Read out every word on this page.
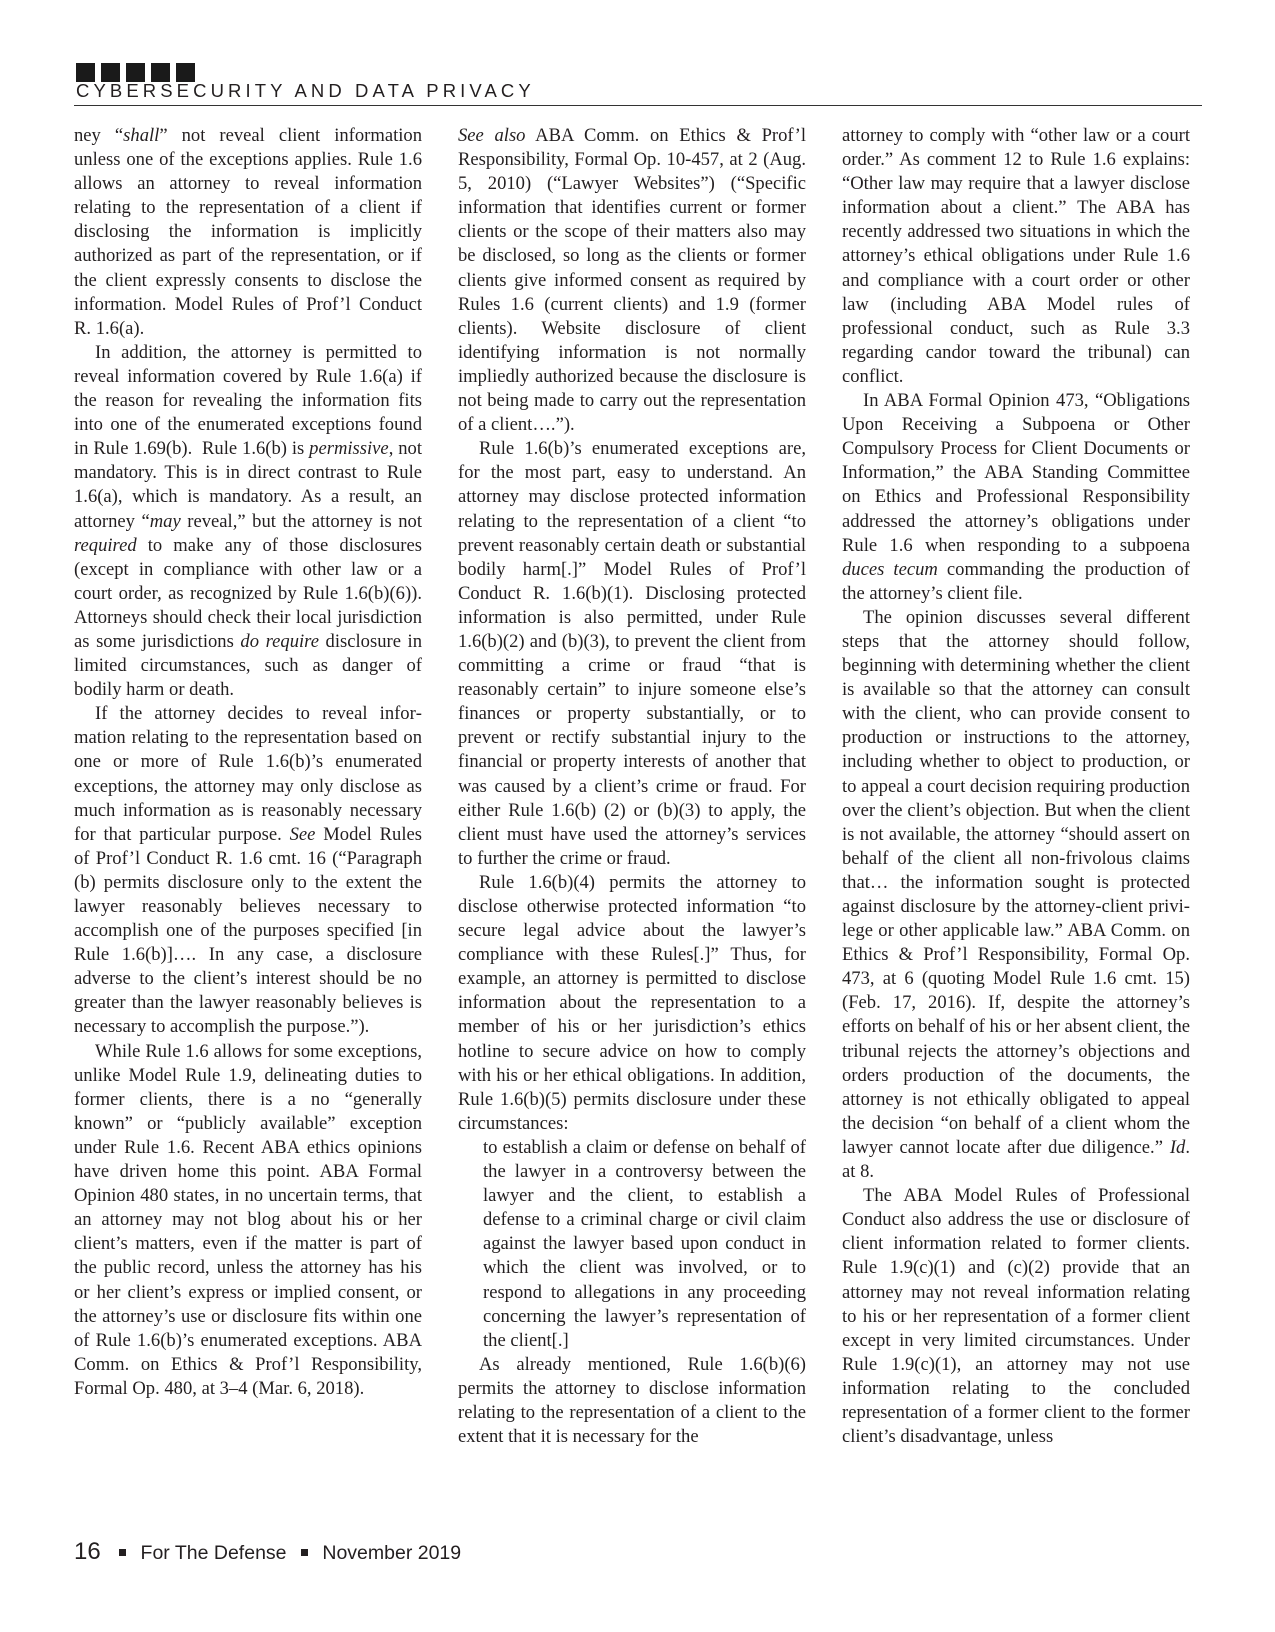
CYBERSECURITY AND DATA PRIVACY

ney “shall” not reveal client information unless one of the exceptions applies. Rule 1.6 allows an attorney to reveal information relating to the representation of a client if disclosing the information is implicitly authorized as part of the representation, or if the client expressly consents to disclose the information. Model Rules of Prof’l Conduct R. 1.6(a).

In addition, the attorney is permitted to reveal information covered by Rule 1.6(a) if the reason for revealing the information fits into one of the enumerated exceptions found in Rule 1.69(b).  Rule 1.6(b) is permissive, not mandatory. This is in direct contrast to Rule 1.6(a), which is mandatory. As a result, an attorney “may reveal,” but the attorney is not required to make any of those disclosures (except in compliance with other law or a court order, as recognized by Rule 1.6(b)(6)). Attorneys should check their local jurisdiction as some jurisdictions do require disclosure in limited circumstances, such as danger of bodily harm or death.

If the attorney decides to reveal information relating to the representation based on one or more of Rule 1.6(b)’s enumerated exceptions, the attorney may only disclose as much information as is reasonably necessary for that particular purpose. See Model Rules of Prof’l Conduct R. 1.6 cmt. 16 (“Paragraph (b) permits disclosure only to the extent the lawyer reasonably believes necessary to accomplish one of the purposes specified [in Rule 1.6(b)]…. In any case, a disclosure adverse to the client’s interest should be no greater than the lawyer reasonably believes is necessary to accomplish the purpose.”).

While Rule 1.6 allows for some exceptions, unlike Model Rule 1.9, delineating duties to former clients, there is a no “generally known” or “publicly available” exception under Rule 1.6. Recent ABA ethics opinions have driven home this point. ABA Formal Opinion 480 states, in no uncertain terms, that an attorney may not blog about his or her client’s matters, even if the matter is part of the public record, unless the attorney has his or her client’s express or implied consent, or the attorney’s use or disclosure fits within one of Rule 1.6(b)’s enumerated exceptions. ABA Comm. on Ethics & Prof’l Responsibility, Formal Op. 480, at 3–4 (Mar. 6, 2018).

See also ABA Comm. on Ethics & Prof’l Responsibility, Formal Op. 10-457, at 2 (Aug. 5, 2010) (“Lawyer Websites”) (“Specific information that identifies current or former clients or the scope of their matters also may be disclosed, so long as the clients or former clients give informed consent as required by Rules 1.6 (current clients) and 1.9 (former clients). Website disclosure of client identifying information is not normally impliedly authorized because the disclosure is not being made to carry out the representation of a client….”).

Rule 1.6(b)’s enumerated exceptions are, for the most part, easy to understand. An attorney may disclose protected information relating to the representation of a client “to prevent reasonably certain death or substantial bodily harm[.]” Model Rules of Prof’l Conduct R. 1.6(b)(1). Disclosing protected information is also permitted, under Rule 1.6(b)(2) and (b)(3), to prevent the client from committing a crime or fraud “that is reasonably certain” to injure someone else’s finances or property substantially, or to prevent or rectify substantial injury to the financial or property interests of another that was caused by a client’s crime or fraud. For either Rule 1.6(b) (2) or (b)(3) to apply, the client must have used the attorney’s services to further the crime or fraud.

Rule 1.6(b)(4) permits the attorney to disclose otherwise protected information “to secure legal advice about the lawyer’s compliance with these Rules[.]” Thus, for example, an attorney is permitted to disclose information about the representation to a member of his or her jurisdiction’s ethics hotline to secure advice on how to comply with his or her ethical obligations. In addition, Rule 1.6(b)(5) permits disclosure under these circumstances:

to establish a claim or defense on behalf of the lawyer in a controversy between the lawyer and the client, to establish a defense to a criminal charge or civil claim against the lawyer based upon conduct in which the client was involved, or to respond to allegations in any proceeding concerning the lawyer’s representation of the client[.]

As already mentioned, Rule 1.6(b)(6) permits the attorney to disclose information relating to the representation of a client to the extent that it is necessary for the

attorney to comply with “other law or a court order.” As comment 12 to Rule 1.6 explains: “Other law may require that a lawyer disclose information about a client.” The ABA has recently addressed two situations in which the attorney’s ethical obligations under Rule 1.6 and compliance with a court order or other law (including ABA Model rules of professional conduct, such as Rule 3.3 regarding candor toward the tribunal) can conflict.

In ABA Formal Opinion 473, “Obligations Upon Receiving a Subpoena or Other Compulsory Process for Client Documents or Information,” the ABA Standing Committee on Ethics and Professional Responsibility addressed the attorney’s obligations under Rule 1.6 when responding to a subpoena duces tecum commanding the production of the attorney’s client file.

The opinion discusses several different steps that the attorney should follow, beginning with determining whether the client is available so that the attorney can consult with the client, who can provide consent to production or instructions to the attorney, including whether to object to production, or to appeal a court decision requiring production over the client’s objection. But when the client is not available, the attorney “should assert on behalf of the client all non-frivolous claims that… the information sought is protected against disclosure by the attorney-client privilege or other applicable law.” ABA Comm. on Ethics & Prof’l Responsibility, Formal Op. 473, at 6 (quoting Model Rule 1.6 cmt. 15) (Feb. 17, 2016). If, despite the attorney’s efforts on behalf of his or her absent client, the tribunal rejects the attorney’s objections and orders production of the documents, the attorney is not ethically obligated to appeal the decision “on behalf of a client whom the lawyer cannot locate after due diligence.” Id. at 8.

The ABA Model Rules of Professional Conduct also address the use or disclosure of client information related to former clients. Rule 1.9(c)(1) and (c)(2) provide that an attorney may not reveal information relating to his or her representation of a former client except in very limited circumstances. Under Rule 1.9(c)(1), an attorney may not use information relating to the concluded representation of a former client to the former client’s disadvantage, unless

16 For The Defense November 2019
